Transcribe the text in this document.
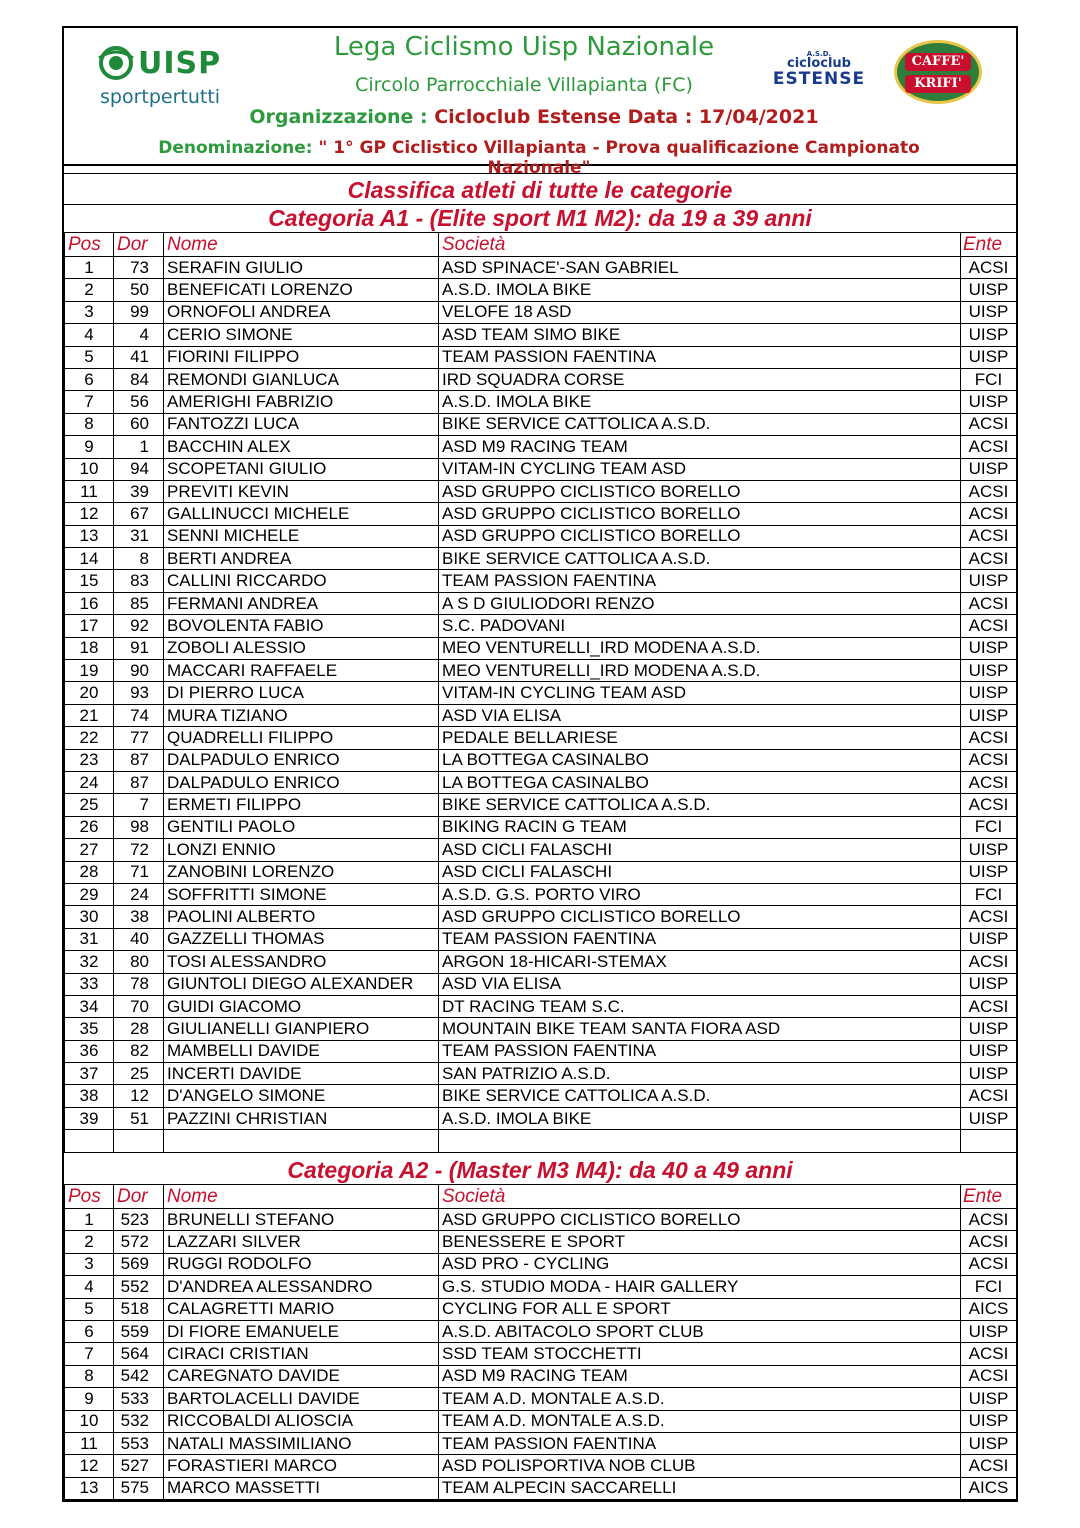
UISP
sportpertutti
Lega Ciclismo Uisp Nazionale
Circolo Parrocchiale Villapianta (FC)
Organizzazione : Cicloclub Estense Data : 17/04/2021
Denominazione: " 1° GP Ciclistico Villapianta - Prova qualificazione Campionato Nazionale"
A.S.D.
cicloclub
ESTENSE
CAFFE'
KRIFI'
Classifica atleti di tutte le categorie
Categoria A1 - (Elite sport M1 M2): da 19 a 39 anni
Pos	Dor	Nome	Società	Ente
1	73	SERAFIN GIULIO	ASD SPINACE'-SAN GABRIEL	ACSI
2	50	BENEFICATI LORENZO	A.S.D. IMOLA BIKE	UISP
3	99	ORNOFOLI ANDREA	VELOFE 18 ASD	UISP
4	4	CERIO SIMONE	ASD TEAM SIMO BIKE	UISP
5	41	FIORINI FILIPPO	TEAM PASSION FAENTINA	UISP
6	84	REMONDI GIANLUCA	IRD SQUADRA CORSE	FCI
7	56	AMERIGHI FABRIZIO	A.S.D. IMOLA BIKE	UISP
8	60	FANTOZZI LUCA	BIKE SERVICE CATTOLICA A.S.D.	ACSI
9	1	BACCHIN ALEX	ASD M9 RACING TEAM	ACSI
10	94	SCOPETANI GIULIO	VITAM-IN CYCLING TEAM ASD	UISP
11	39	PREVITI KEVIN	ASD GRUPPO CICLISTICO BORELLO	ACSI
12	67	GALLINUCCI MICHELE	ASD GRUPPO CICLISTICO BORELLO	ACSI
13	31	SENNI MICHELE	ASD GRUPPO CICLISTICO BORELLO	ACSI
14	8	BERTI ANDREA	BIKE SERVICE CATTOLICA A.S.D.	ACSI
15	83	CALLINI RICCARDO	TEAM PASSION FAENTINA	UISP
16	85	FERMANI ANDREA	A S D GIULIODORI RENZO	ACSI
17	92	BOVOLENTA FABIO	S.C. PADOVANI	ACSI
18	91	ZOBOLI ALESSIO	MEO VENTURELLI_IRD MODENA A.S.D.	UISP
19	90	MACCARI RAFFAELE	MEO VENTURELLI_IRD MODENA A.S.D.	UISP
20	93	DI PIERRO LUCA	VITAM-IN CYCLING TEAM ASD	UISP
21	74	MURA TIZIANO	ASD VIA ELISA	UISP
22	77	QUADRELLI FILIPPO	PEDALE BELLARIESE	ACSI
23	87	DALPADULO ENRICO	LA BOTTEGA CASINALBO	ACSI
24	87	DALPADULO ENRICO	LA BOTTEGA CASINALBO	ACSI
25	7	ERMETI FILIPPO	BIKE SERVICE CATTOLICA A.S.D.	ACSI
26	98	GENTILI PAOLO	BIKING RACIN G TEAM	FCI
27	72	LONZI ENNIO	ASD CICLI FALASCHI	UISP
28	71	ZANOBINI LORENZO	ASD CICLI FALASCHI	UISP
29	24	SOFFRITTI SIMONE	A.S.D. G.S. PORTO VIRO	FCI
30	38	PAOLINI ALBERTO	ASD GRUPPO CICLISTICO BORELLO	ACSI
31	40	GAZZELLI THOMAS	TEAM PASSION FAENTINA	UISP
32	80	TOSI ALESSANDRO	ARGON 18-HICARI-STEMAX	ACSI
33	78	GIUNTOLI DIEGO ALEXANDER	ASD VIA ELISA	UISP
34	70	GUIDI GIACOMO	DT RACING TEAM S.C.	ACSI
35	28	GIULIANELLI GIANPIERO	MOUNTAIN BIKE TEAM SANTA FIORA ASD	UISP
36	82	MAMBELLI DAVIDE	TEAM PASSION FAENTINA	UISP
37	25	INCERTI DAVIDE	SAN PATRIZIO A.S.D.	UISP
38	12	D'ANGELO SIMONE	BIKE SERVICE CATTOLICA A.S.D.	ACSI
39	51	PAZZINI CHRISTIAN	A.S.D. IMOLA BIKE	UISP

Categoria A2 - (Master M3 M4): da 40 a 49 anni
Pos	Dor	Nome	Società	Ente
1	523	BRUNELLI STEFANO	ASD GRUPPO CICLISTICO BORELLO	ACSI
2	572	LAZZARI SILVER	BENESSERE E SPORT	ACSI
3	569	RUGGI RODOLFO	ASD PRO - CYCLING	ACSI
4	552	D'ANDREA ALESSANDRO	G.S. STUDIO MODA - HAIR GALLERY	FCI
5	518	CALAGRETTI MARIO	CYCLING FOR ALL E SPORT	AICS
6	559	DI FIORE EMANUELE	A.S.D. ABITACOLO SPORT CLUB	UISP
7	564	CIRACI CRISTIAN	SSD TEAM STOCCHETTI	ACSI
8	542	CAREGNATO DAVIDE	ASD M9 RACING TEAM	ACSI
9	533	BARTOLACELLI DAVIDE	TEAM A.D. MONTALE A.S.D.	UISP
10	532	RICCOBALDI ALIOSCIA	TEAM A.D. MONTALE A.S.D.	UISP
11	553	NATALI MASSIMILIANO	TEAM PASSION FAENTINA	UISP
12	527	FORASTIERI MARCO	ASD POLISPORTIVA NOB CLUB	ACSI
13	575	MARCO MASSETTI	TEAM ALPECIN SACCARELLI	AICS
